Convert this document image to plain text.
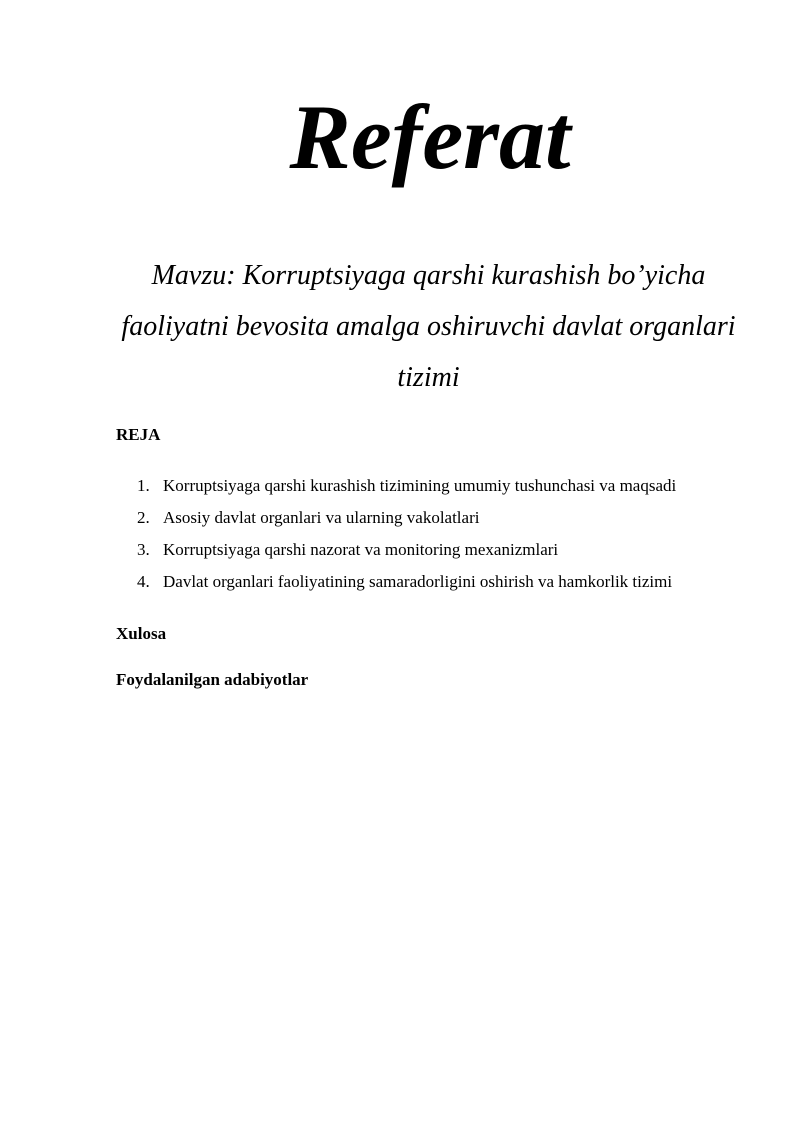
Referat

Mavzu: Korruptsiyaga qarshi kurashish bo’yicha faoliyatni bevosita amalga oshiruvchi davlat organlari tizimi

REJA
1. Korruptsiyaga qarshi kurashish tizimining umumiy tushunchasi va maqsadi
2. Asosiy davlat organlari va ularning vakolatlari
3. Korruptsiyaga qarshi nazorat va monitoring mexanizmlari
4. Davlat organlari faoliyatining samaradorligini oshirish va hamkorlik tizimi
Xulosa
Foydalanilgan adabiyotlar
